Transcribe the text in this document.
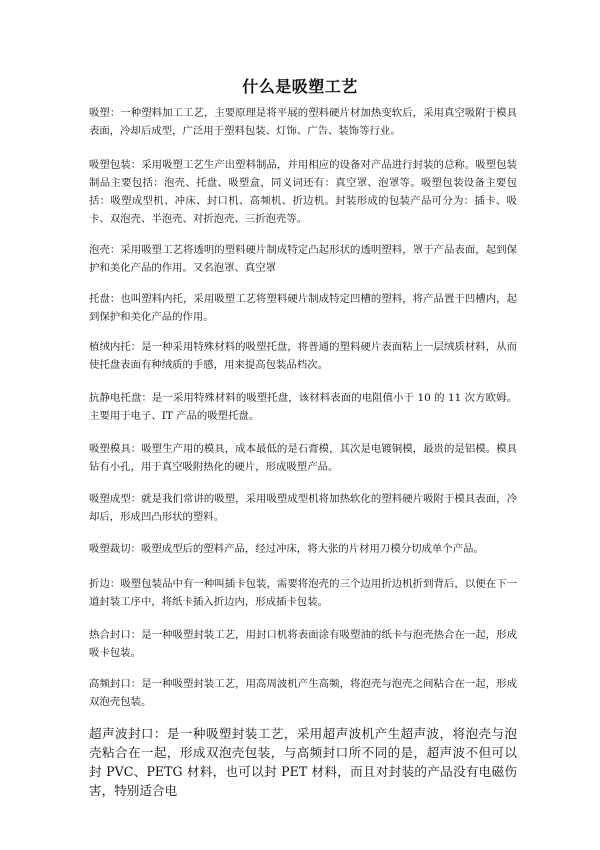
什么是吸塑工艺

吸塑：一种塑料加工工艺，主要原理是将平展的塑料硬片材加热变软后，采用真空吸附于模具表面，冷却后成型，广泛用于塑料包装、灯饰、广告、装饰等行业。

吸塑包装：采用吸塑工艺生产出塑料制品，并用相应的设备对产品进行封装的总称。吸塑包装制品主要包括：泡壳、托盘、吸塑盒，同义词还有：真空罩、泡罩等。吸塑包装设备主要包括：吸塑成型机、冲床、封口机、高频机、折边机。封装形成的包装产品可分为：插卡、吸卡、双泡壳、半泡壳、对折泡壳、三折泡壳等。

泡壳：采用吸塑工艺将透明的塑料硬片制成特定凸起形状的透明塑料，罩于产品表面，起到保护和美化产品的作用。又名泡罩、真空罩

托盘：也叫塑料内托，采用吸塑工艺将塑料硬片制成特定凹槽的塑料，将产品置于凹槽内，起到保护和美化产品的作用。

植绒内托：是一种采用特殊材料的吸塑托盘，将普通的塑料硬片表面粘上一层绒质材料，从而使托盘表面有种绒质的手感，用来提高包装品档次。

抗静电托盘：是一采用特殊材料的吸塑托盘，该材料表面的电阻值小于 10 的 11 次方欧姆。主要用于电子、IT 产品的吸塑托盘。

吸塑模具：吸塑生产用的模具，成本最低的是石膏模，其次是电镀铜模，最贵的是铝模。模具钻有小孔，用于真空吸附热化的硬片，形成吸塑产品。

吸塑成型：就是我们常讲的吸塑，采用吸塑成型机将加热软化的塑料硬片吸附于模具表面，冷却后，形成凹凸形状的塑料。

吸塑裁切：吸塑成型后的塑料产品，经过冲床，将大张的片材用刀模分切成单个产品。

折边：吸塑包装品中有一种叫插卡包装，需要将泡壳的三个边用折边机折到背后，以便在下一道封装工序中，将纸卡插入折边内，形成插卡包装。

热合封口：是一种吸塑封装工艺，用封口机将表面涂有吸塑油的纸卡与泡壳热合在一起，形成吸卡包装。

高频封口：是一种吸塑封装工艺，用高周波机产生高频，将泡壳与泡壳之间粘合在一起，形成双泡壳包装。

超声波封口：是一种吸塑封装工艺，采用超声波机产生超声波，将泡壳与泡壳粘合在一起，形成双泡壳包装，与高频封口所不同的是，超声波不但可以封 PVC、PETG 材料，也可以封 PET 材料，而且对封装的产品没有电磁伤害，特别适合电
